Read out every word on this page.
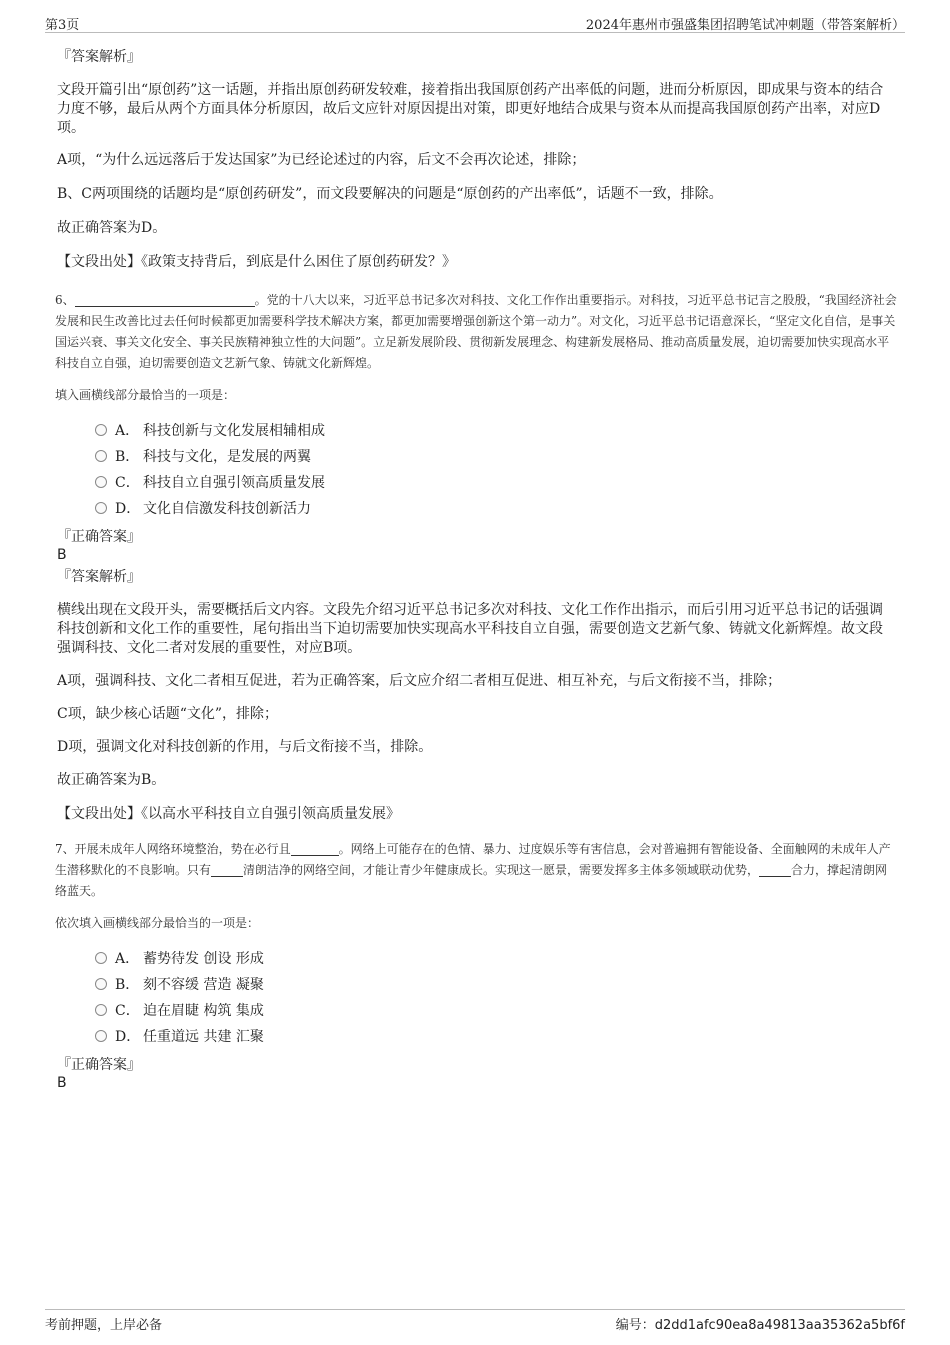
第3页	2024年惠州市强盛集团招聘笔试冲刺题（带答案解析）
『答案解析』
文段开篇引出“原创药”这一话题，并指出原创药研发较难，接着指出我国原创药产出率低的问题，进而分析原因，即成果与资本的结合力度不够，最后从两个方面具体分析原因，故后文应针对原因提出对策，即更好地结合成果与资本从而提高我国原创药产出率，对应D项。
A项，“为什么远远落后于发达国家”为已经论述过的内容，后文不会再次论述，排除；
B、C两项围绕的话题均是“原创药研发”，而文段要解决的问题是“原创药的产出率低”，话题不一致，排除。
故正确答案为D。
【文段出处】《政策支持背后，到底是什么困住了原创药研发？》
6、	。党的十八大以来，习近平总书记多次对科技、文化工作作出重要指示。对科技，习近平总书记言之股殷，“我国经济社会发展和民生改善比过去任何时候都更加需要科学技术解决方案，都更加需要增强创新这个第一动力”。对文化，习近平总书记语意深长，“坚定文化自信，是事关国运兴衰、事关文化安全、事关民族精神独立性的大问题”。立足新发展阶段、贯彻新发展理念、构建新发展格局、推动高质量发展，迫切需要加快实现高水平科技自立自强，迫切需要创造文艺新气象、铸就文化新辉煌。
填入画横线部分最恰当的一项是：
A． 科技创新与文化发展相辅相成
B． 科技与文化，是发展的两翼
C． 科技自立自强引领高质量发展
D． 文化自信激发科技创新活力
『正确答案』
B
『答案解析』
横线出现在文段开头，需要概括后文内容。文段先介绍习近平总书记多次对科技、文化工作作出指示，而后引用习近平总书记的话强调科技创新和文化工作的重要性，尾句指出当下迫切需要加快实现高水平科技自立自强，需要创造文艺新气象、铸就文化新辉煌。故文段强调科技、文化二者对发展的重要性，对应B项。
A项，强调科技、文化二者相互促进，若为正确答案，后文应介绍二者相互促进、相互补充，与后文衔接不当，排除；
C项，缺少核心话题“文化”，排除；
D项，强调文化对科技创新的作用，与后文衔接不当，排除。
故正确答案为B。
【文段出处】《以高水平科技自立自强引领高质量发展》
7、开展未成年人网络环境整治，势在必行且	。网络上可能存在的色情、暴力、过度娱乐等有害信息，会对普遍拥有智能设备、全面触网的未成年人产生潜移默化的不良影响。只有	清朗洁净的网络空间，才能让青少年健康成长。实现这一愿景，需要发挥多主体多领域联动优势，	合力，撑起清朗网络蓝天。
依次填入画横线部分最恰当的一项是：
A． 蓄势待发 创设 形成
B． 刻不容缓 营造 凝聚
C． 迫在眉睫 构筑 集成
D． 任重道远 共建 汇聚
『正确答案』
B
考前押题，上岸必备	编号：d2dd1afc90ea8a49813aa35362a5bf6f
